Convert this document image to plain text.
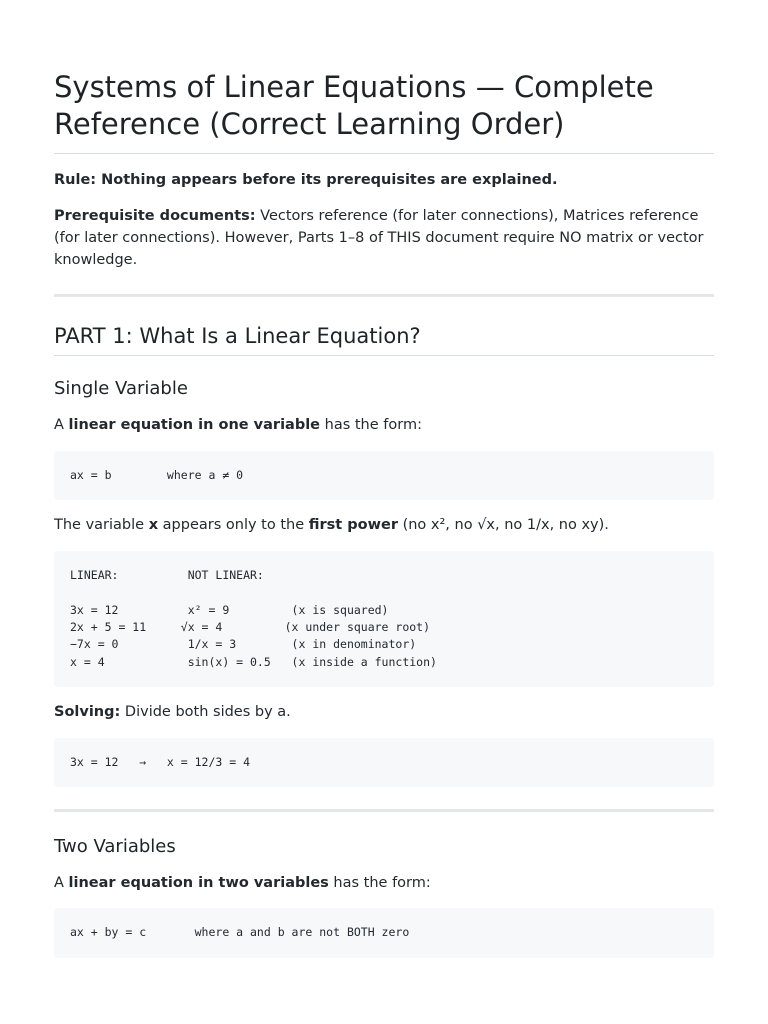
Systems of Linear Equations — Complete Reference (Correct Learning Order)

Rule: Nothing appears before its prerequisites are explained.

Prerequisite documents: Vectors reference (for later connections), Matrices reference (for later connections). However, Parts 1–8 of THIS document require NO matrix or vector knowledge.

PART 1: What Is a Linear Equation?
Single Variable

A linear equation in one variable has the form:

ax = b        where a ≠ 0

The variable x appears only to the first power (no x², no √x, no 1/x, no xy).

LINEAR:          NOT LINEAR:

3x = 12          x² = 9         (x is squared)
2x + 5 = 11     √x = 4         (x under square root)
−7x = 0          1/x = 3        (x in denominator)
x = 4            sin(x) = 0.5   (x inside a function)

Solving: Divide both sides by a.

3x = 12   →   x = 12/3 = 4
Two Variables

A linear equation in two variables has the form:

ax + by = c       where a and b are not BOTH zero
